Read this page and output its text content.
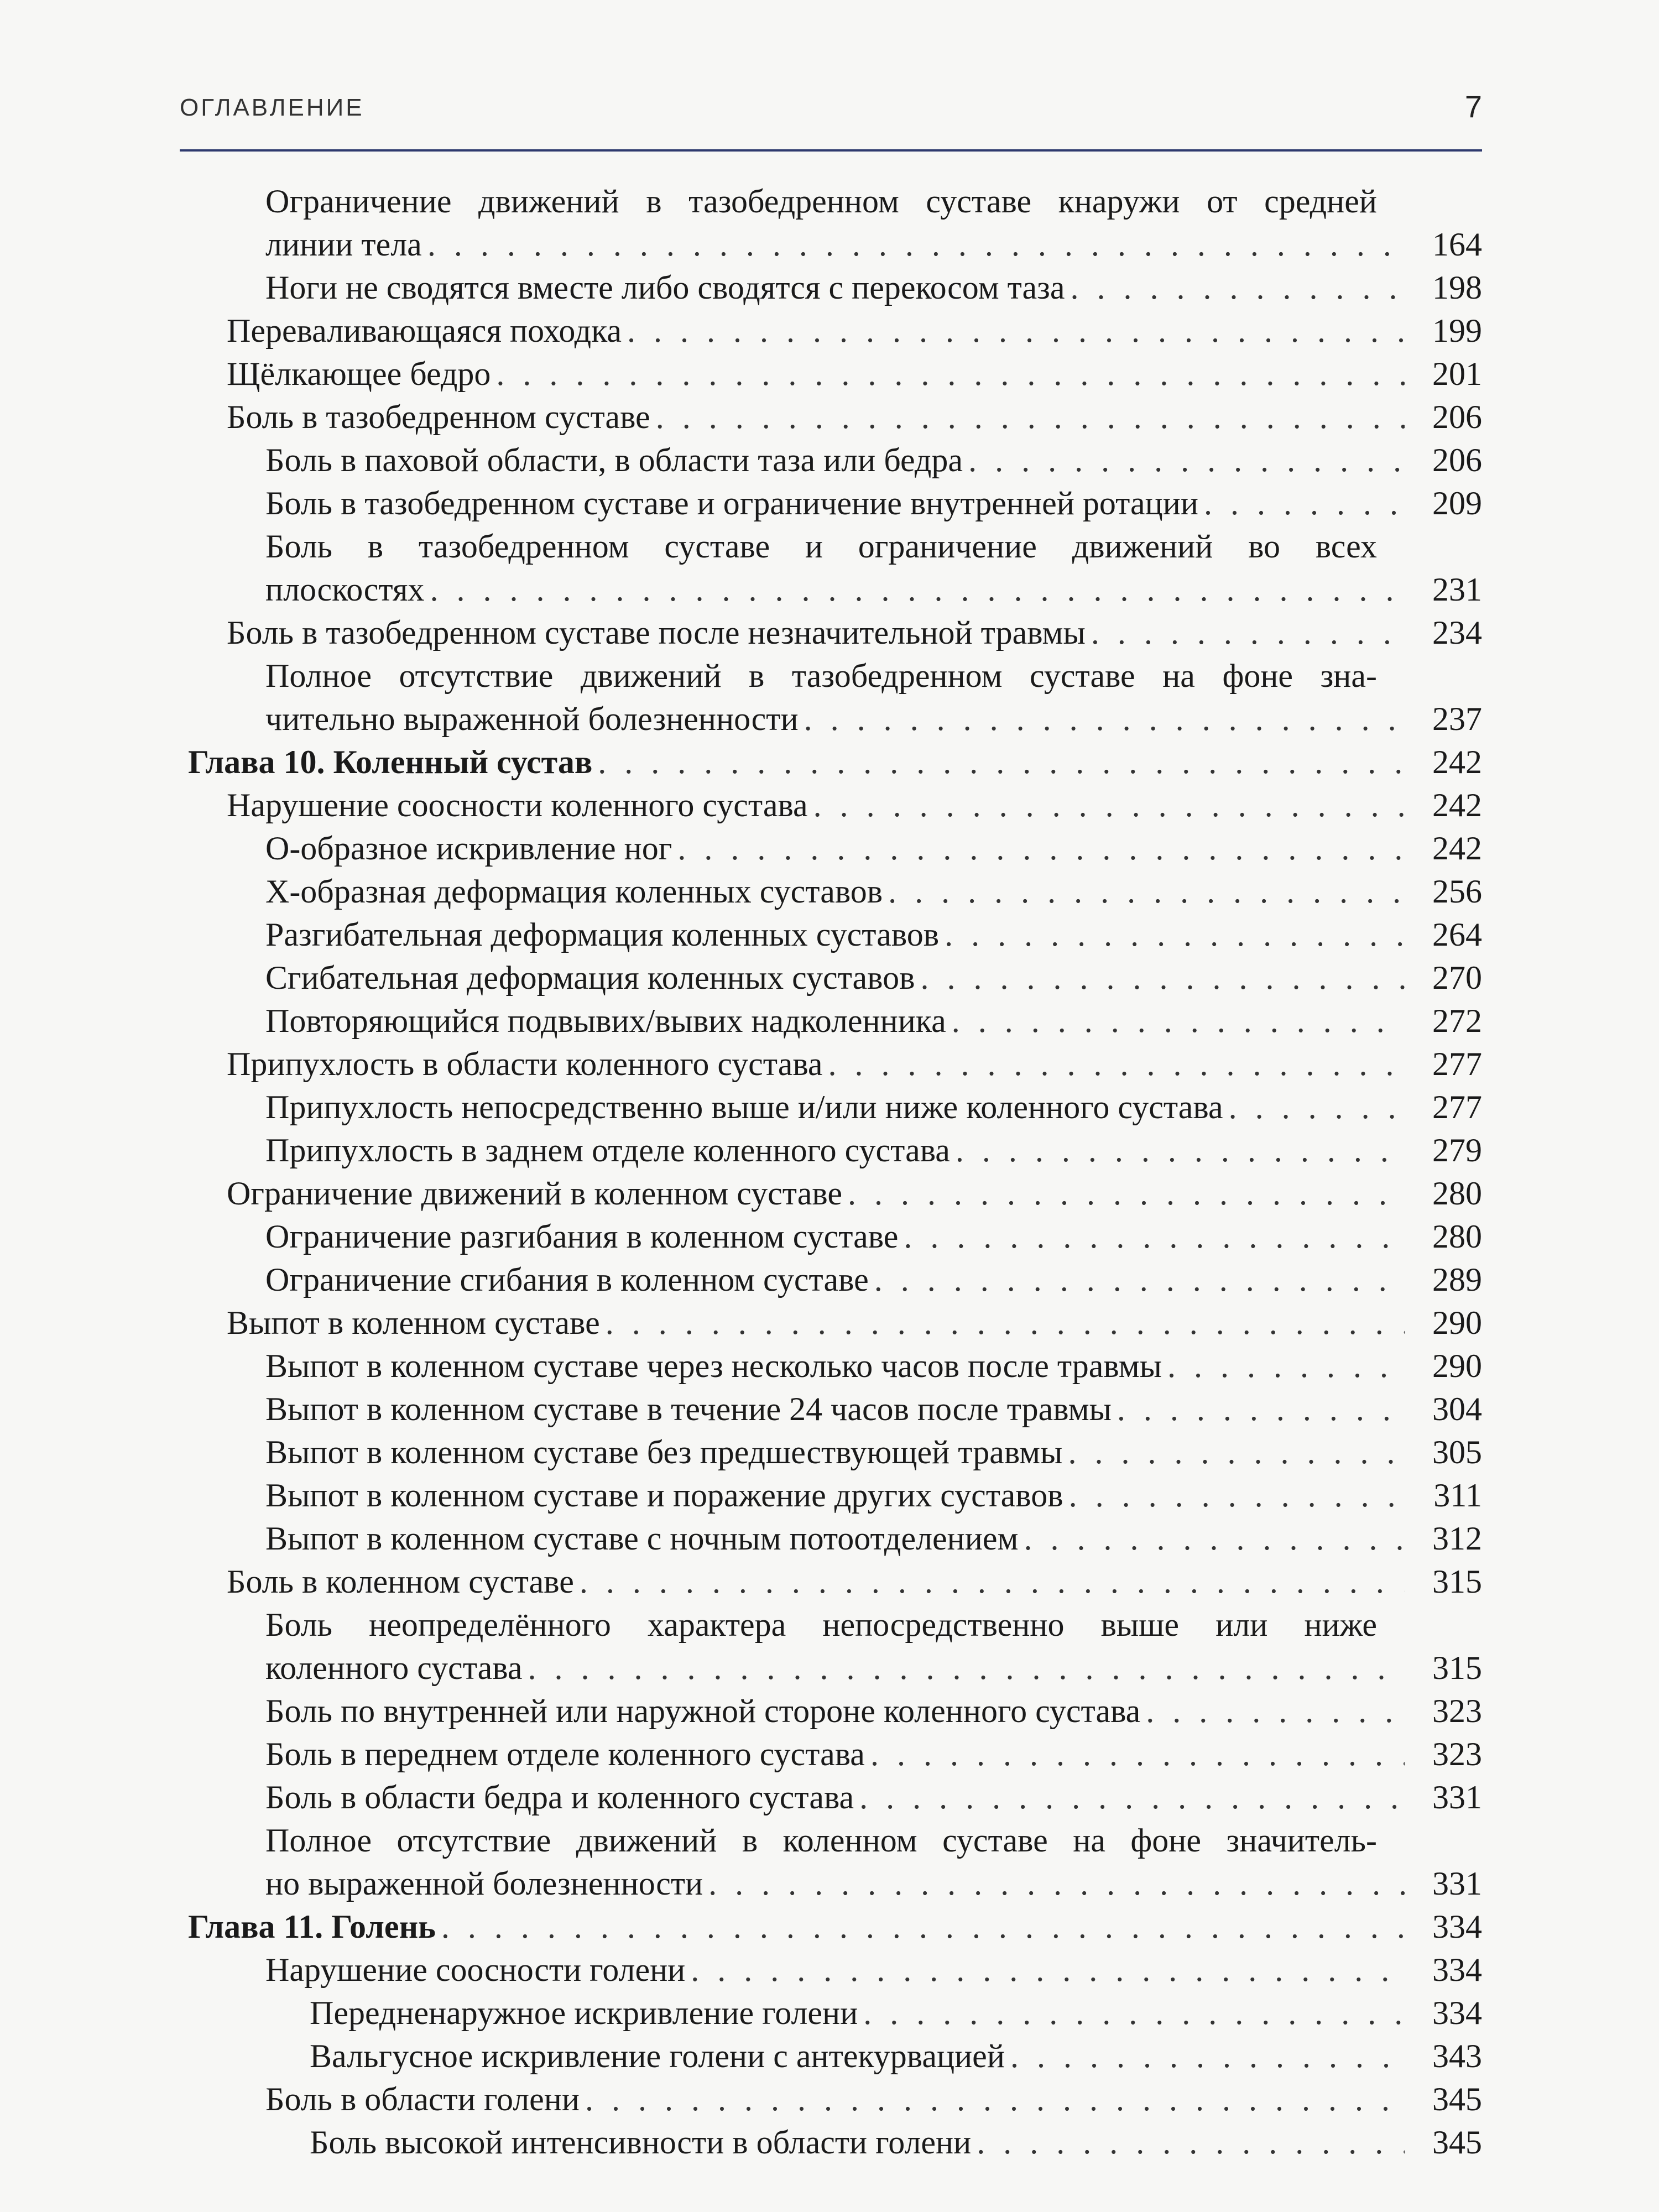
ОГЛАВЛЕНИЕ	7
Ограничение движений в тазобедренном суставе кнаружи от средней
линии тела . . .	164
Ноги не сводятся вместе либо сводятся с перекосом таза . . .	198
Переваливающаяся походка . . .	199
Щёлкающее бедро . . .	201
Боль в тазобедренном суставе . . .	206
Боль в паховой области, в области таза или бедра . . .	206
Боль в тазобедренном суставе и ограничение внутренней ротации . . .	209
Боль в тазобедренном суставе и ограничение движений во всех
плоскостях . . .	231
Боль в тазобедренном суставе после незначительной травмы . . .	234
Полное отсутствие движений в тазобедренном суставе на фоне зна-
чительно выраженной болезненности . . .	237
Глава 10. Коленный сустав . . .	242
Нарушение соосности коленного сустава . . .	242
О-образное искривление ног . . .	242
Х-образная деформация коленных суставов . . .	256
Разгибательная деформация коленных суставов . . .	264
Сгибательная деформация коленных суставов . . .	270
Повторяющийся подвывих/вывих надколенника . . .	272
Припухлость в области коленного сустава . . .	277
Припухлость непосредственно выше и/или ниже коленного сустава . . .	277
Припухлость в заднем отделе коленного сустава . . .	279
Ограничение движений в коленном суставе . . .	280
Ограничение разгибания в коленном суставе . . .	280
Ограничение сгибания в коленном суставе . . .	289
Выпот в коленном суставе . . .	290
Выпот в коленном суставе через несколько часов после травмы . . .	290
Выпот в коленном суставе в течение 24 часов после травмы . . .	304
Выпот в коленном суставе без предшествующей травмы . . .	305
Выпот в коленном суставе и поражение других суставов . . .	311
Выпот в коленном суставе с ночным потоотделением . . .	312
Боль в коленном суставе . . .	315
Боль неопределённого характера непосредственно выше или ниже
коленного сустава . . .	315
Боль по внутренней или наружной стороне коленного сустава . . .	323
Боль в переднем отделе коленного сустава . . .	323
Боль в области бедра и коленного сустава . . .	331
Полное отсутствие движений в коленном суставе на фоне значитель-
но выраженной болезненности . . .	331
Глава 11. Голень . . .	334
Нарушение соосности голени . . .	334
Передненаружное искривление голени . . .	334
Вальгусное искривление голени с антекурвацией . . .	343
Боль в области голени . . .	345
Боль высокой интенсивности в области голени . . .	345
